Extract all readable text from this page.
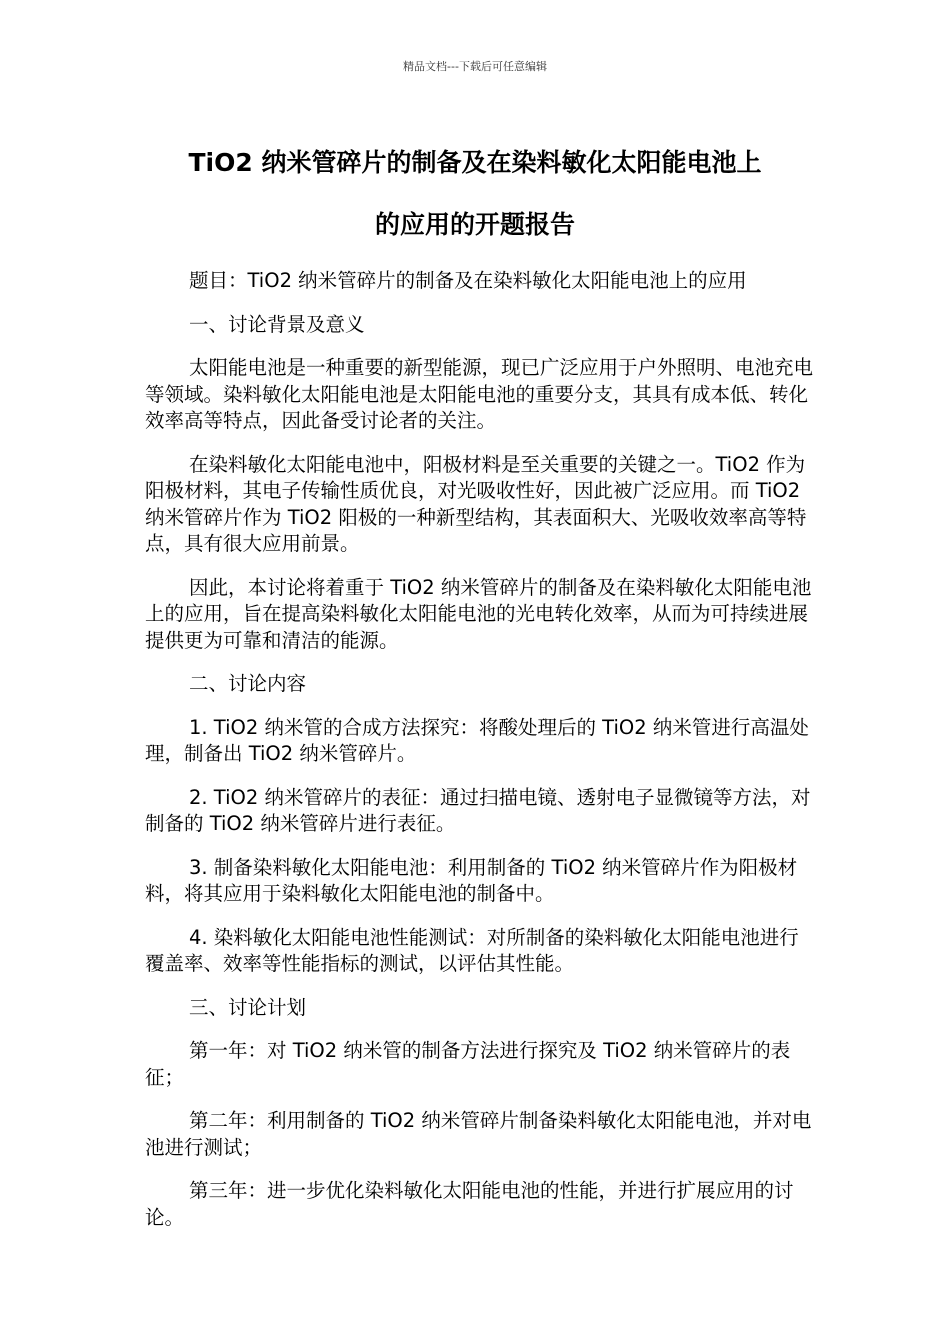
精品文档---下载后可任意编辑
TiO2 纳米管碎片的制备及在染料敏化太阳能电池上
的应用的开题报告

题目：TiO2 纳米管碎片的制备及在染料敏化太阳能电池上的应用

一、讨论背景及意义

太阳能电池是一种重要的新型能源，现已广泛应用于户外照明、电池充电等领域。染料敏化太阳能电池是太阳能电池的重要分支，其具有成本低、转化效率高等特点，因此备受讨论者的关注。

在染料敏化太阳能电池中，阳极材料是至关重要的关键之一。TiO2 作为阳极材料，其电子传输性质优良，对光吸收性好，因此被广泛应用。而 TiO2 纳米管碎片作为 TiO2 阳极的一种新型结构，其表面积大、光吸收效率高等特点，具有很大应用前景。

因此，本讨论将着重于 TiO2 纳米管碎片的制备及在染料敏化太阳能电池上的应用，旨在提高染料敏化太阳能电池的光电转化效率，从而为可持续进展提供更为可靠和清洁的能源。

二、讨论内容

1. TiO2 纳米管的合成方法探究：将酸处理后的 TiO2 纳米管进行高温处理，制备出 TiO2 纳米管碎片。

2. TiO2 纳米管碎片的表征：通过扫描电镜、透射电子显微镜等方法，对制备的 TiO2 纳米管碎片进行表征。

3. 制备染料敏化太阳能电池：利用制备的 TiO2 纳米管碎片作为阳极材料，将其应用于染料敏化太阳能电池的制备中。

4. 染料敏化太阳能电池性能测试：对所制备的染料敏化太阳能电池进行覆盖率、效率等性能指标的测试，以评估其性能。

三、讨论计划

第一年：对 TiO2 纳米管的制备方法进行探究及 TiO2 纳米管碎片的表征；

第二年：利用制备的 TiO2 纳米管碎片制备染料敏化太阳能电池，并对电池进行测试；

第三年：进一步优化染料敏化太阳能电池的性能，并进行扩展应用的讨论。
